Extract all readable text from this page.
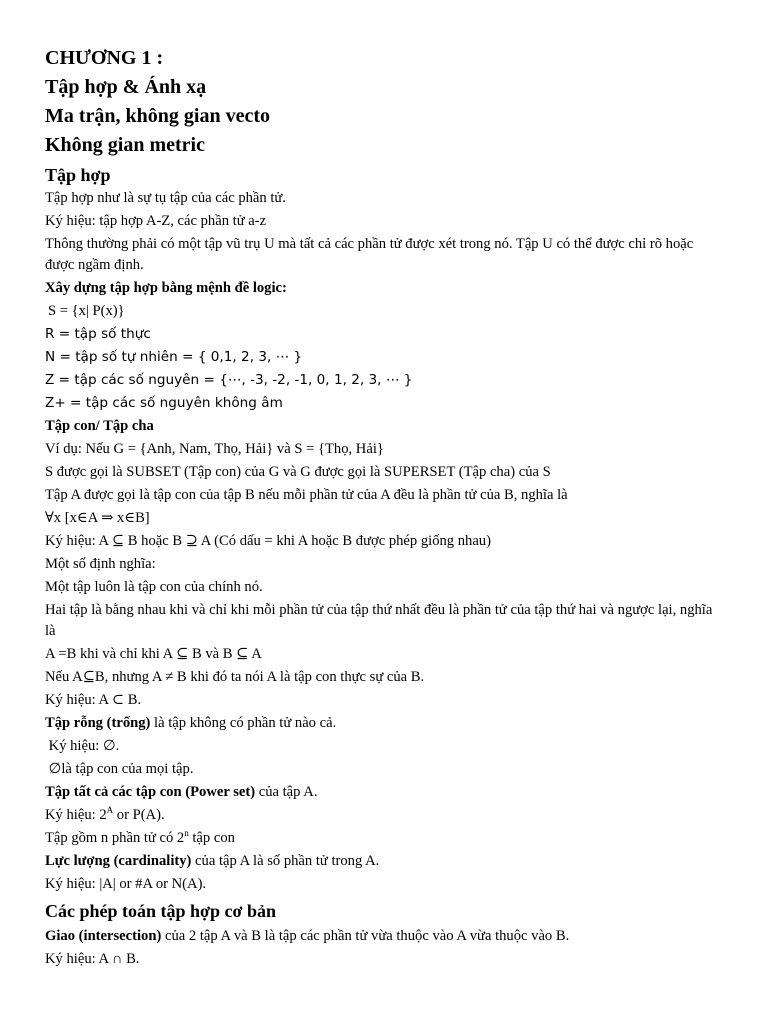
CHƯƠNG 1 :
Tập hợp & Ánh xạ
Ma trận, không gian vecto
Không gian metric
Tập hợp

Tập hợp như là sự tụ tập của các phần tử.

Ký hiệu: tập hợp A-Z, các phần tử a-z

Thông thường phải có một tập vũ trụ U mà tất cả các phần tử được xét trong nó. Tập U có thể được chỉ rõ hoặc được ngầm định.

Xây dựng tập hợp bằng mệnh đề logic:

S = {x| P(x)}

R = tập số thực

N = tập số tự nhiên = { 0,1, 2, 3, ⋯ }

Z = tập các số nguyên = {⋯, -3, -2, -1, 0, 1, 2, 3, ⋯ }

Z+ = tập các số nguyên không âm

Tập con/ Tập cha

Ví dụ: Nếu G = {Anh, Nam, Thọ, Hải} và S = {Thọ, Hải}

S được gọi là SUBSET (Tập con) của G và G được gọi là SUPERSET (Tập cha) của S

Tập A được gọi là tập con của tập B nếu mỗi phần tử của A đều là phần tử của B, nghĩa là

∀x [x∈A ⇒ x∈B]

Ký hiệu: A ⊆ B hoặc B ⊇ A (Có dấu = khi A hoặc B được phép giống nhau)

Một số định nghĩa:

Một tập luôn là tập con của chính nó.

Hai tập là bằng nhau khi và chỉ khi mỗi phần tử của tập thứ nhất đều là phần tử của tập thứ hai và ngược lại, nghĩa là

A =B khi và chỉ khi A ⊆ B và B ⊆ A

Nếu A⊆B, nhưng A ≠ B khi đó ta nói A là tập con thực sự của B.

Ký hiệu: A ⊂ B.

Tập rỗng (trống) là tập không có phần tử nào cả.

Ký hiệu: ∅.

∅là tập con của mọi tập.

Tập tất cả các tập con (Power set) của tập A.

Ký hiệu: $2^A$ or P(A).

Tập gồm n phần tử có 2$^n$ tập con

Lực lượng (cardinality) của tập A là số phần tử trong A.

Ký hiệu: |A| or #A or N(A).

Các phép toán tập hợp cơ bản

Giao (intersection) của 2 tập A và B là tập các phần tử vừa thuộc vào A vừa thuộc vào B.

Ký hiệu: A ∩ B.
